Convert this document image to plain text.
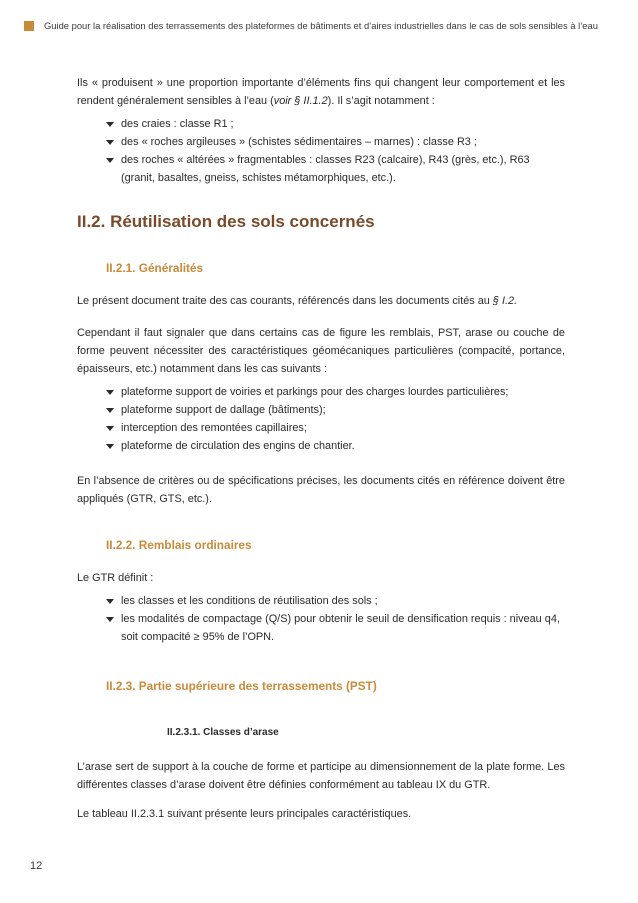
Guide pour la réalisation des terrassements des plateformes de bâtiments et d’aires industrielles dans le cas de sols sensibles à l’eau

Ils « produisent » une proportion importante d’éléments fins qui changent leur comportement et les rendent généralement sensibles à l’eau (voir § II.1.2). Il s’agit notamment :

des craies : classe R1 ;
des « roches argileuses » (schistes sédimentaires – marnes) : classe R3 ;
des roches « altérées » fragmentables : classes R23 (calcaire), R43 (grès, etc.), R63 (granit, basaltes, gneiss, schistes métamorphiques, etc.).
II.2. Réutilisation des sols concernés
II.2.1. Généralités

Le présent document traite des cas courants, référencés dans les documents cités au § I.2.

Cependant il faut signaler que dans certains cas de figure les remblais, PST, arase ou couche de forme peuvent nécessiter des caractéristiques géomécaniques particulières (compacité, portance, épaisseurs, etc.) notamment dans les cas suivants :

plateforme support de voiries et parkings pour des charges lourdes particulières;
plateforme support de dallage (bâtiments);
interception des remontées capillaires;
plateforme de circulation des engins de chantier.

En l’absence de critères ou de spécifications précises, les documents cités en référence doivent être appliqués (GTR, GTS, etc.).

II.2.2. Remblais ordinaires

Le GTR définit :

les classes et les conditions de réutilisation des sols ;
les modalités de compactage (Q/S) pour obtenir le seuil de densification requis : niveau q4, soit compacité ≥ 95% de l’OPN.
II.2.3. Partie supérieure des terrassements (PST)
II.2.3.1. Classes d’arase

L’arase sert de support à la couche de forme et participe au dimensionnement de la plate forme. Les différentes classes d’arase doivent être définies conformément au tableau IX du GTR.

Le tableau II.2.3.1 suivant présente leurs principales caractéristiques.

12
